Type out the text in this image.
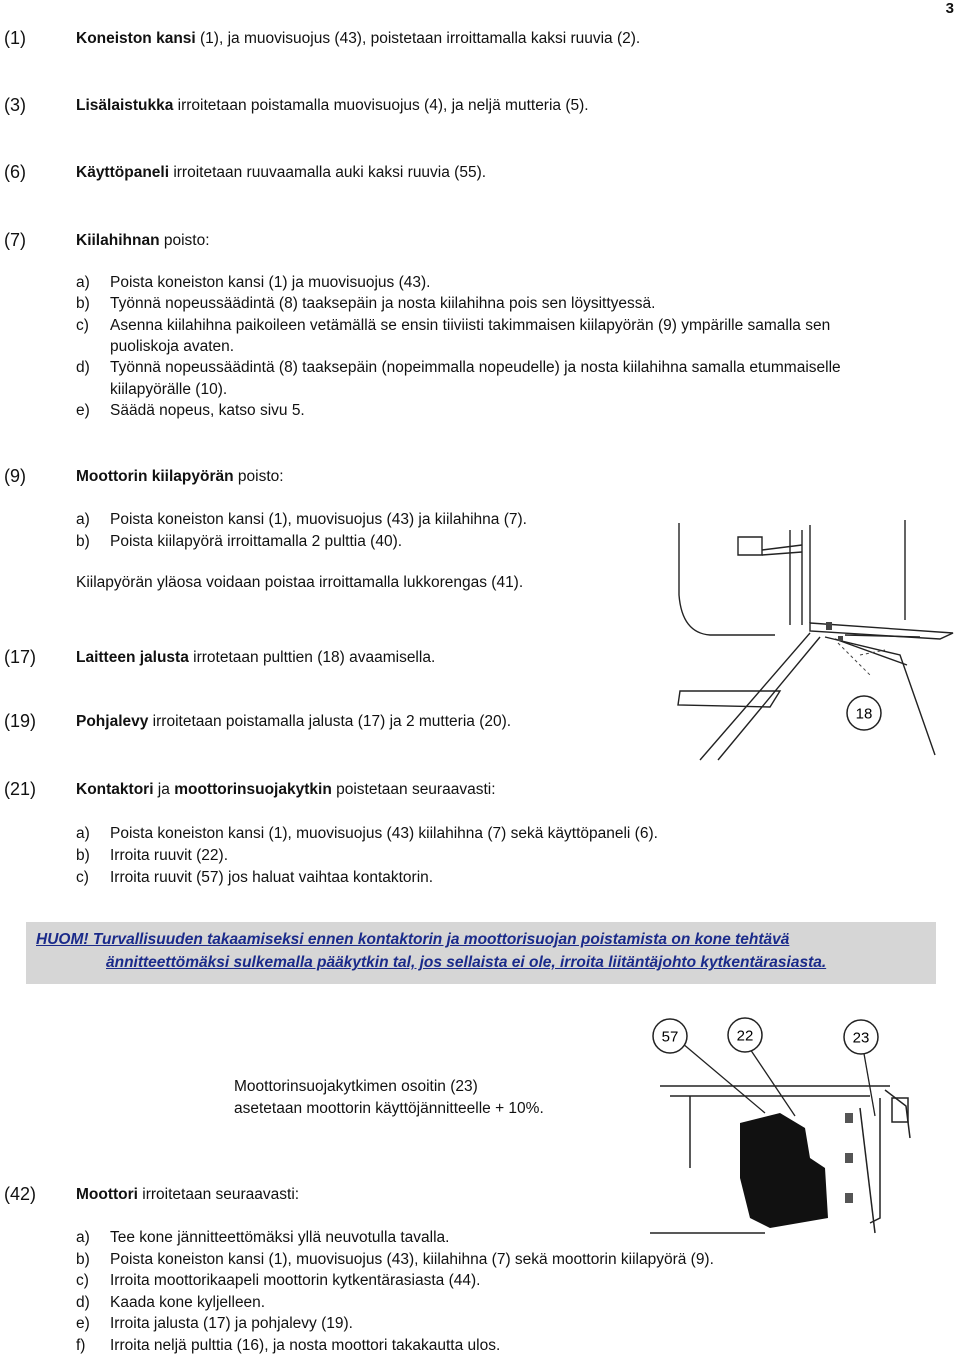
3
(1)	Koneiston kansi (1), ja muovisuojus (43), poistetaan irroittamalla kaksi ruuvia (2).
(3)	Lisälaistukka irroitetaan poistamalla muovisuojus (4), ja neljä mutteria (5).
(6)	Käyttöpaneli irroitetaan ruuvaamalla auki kaksi ruuvia (55).
(7)	Kiilahihnan poisto:
a) Poista koneiston kansi (1) ja muovisuojus (43).
b) Työnnä nopeussäädintä (8) taaksepäin ja nosta kiilahihna pois sen löysittyessä.
c) Asenna kiilahihna paikoileen vetämällä se ensin tiiviisti takimmaisen kiilapyörän (9) ympärille samalla sen
puoliskoja avaten.
d) Työnnä nopeussäädintä (8) taaksepäin (nopeimmalla nopeudelle) ja nosta kiilahihna samalla etummaiselle
kiilapyörälle (10).
e) Säädä nopeus, katso sivu 5.
(9)	Moottorin kiilapyörän poisto:
a) Poista koneiston kansi (1), muovisuojus (43) ja kiilahihna (7).
b) Poista kiilapyörä irroittamalla 2 pulttia (40).
Kiilapyörän yläosa voidaan poistaa irroittamalla lukkorengas (41).
(17)	Laitteen jalusta irrotetaan pulttien (18) avaamisella.
(19)	Pohjalevy irroitetaan poistamalla jalusta (17) ja 2 mutteria (20).
(21)	Kontaktori ja moottorinsuojakytkin poistetaan seuraavasti:
a) Poista koneiston kansi (1), muovisuojus (43) kiilahihna (7) sekä käyttöpaneli (6).
b) Irroita ruuvit (22).
c) Irroita ruuvit (57) jos haluat vaihtaa kontaktorin.
HUOM! Turvallisuuden takaamiseksi ennen kontaktorin ja moottorisuojan poistamista on kone tehtävä
ännitteettömäksi sulkemalla pääkytkin tal, jos sellaista ei ole, irroita liitäntäjohto kytkentärasiasta.
18
57	22	23
Moottorinsuojakytkimen osoitin (23)
asetetaan moottorin käyttöjännitteelle + 10%.
(42)	Moottori irroitetaan seuraavasti:
a) Tee kone jännitteettömäksi yllä neuvotulla tavalla.
b) Poista koneiston kansi (1), muovisuojus (43), kiilahihna (7) sekä moottorin kiilapyörä (9).
c) Irroita moottorikaapeli moottorin kytkentärasiasta (44).
d) Kaada kone kyljelleen.
e) Irroita jalusta (17) ja pohjalevy (19).
f) Irroita neljä pulttia (16), ja nosta moottori takakautta ulos.
